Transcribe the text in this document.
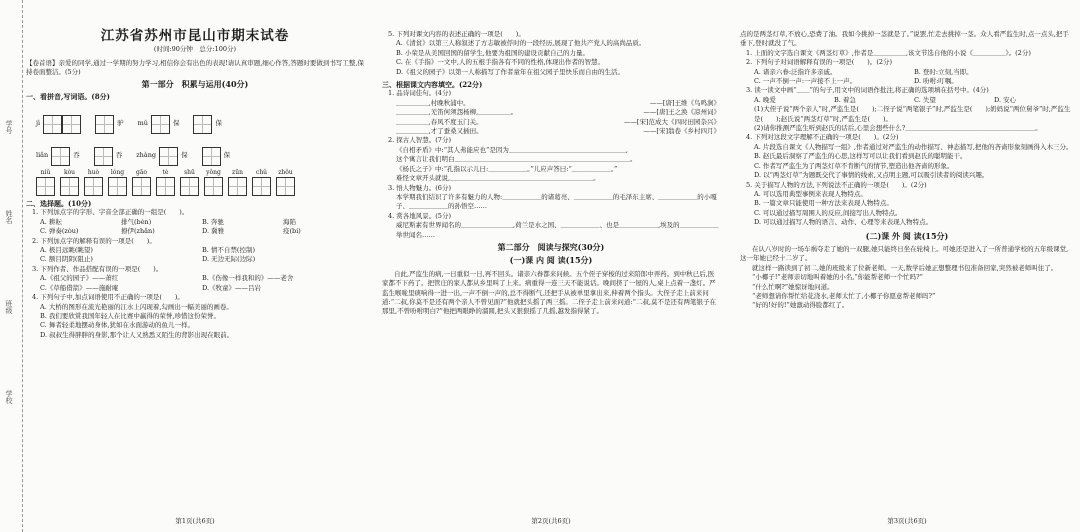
学号
姓名
班级
学校
江苏省苏州市昆山市期末试卷
(时间:90分钟　总分:100分)
【卷首语】亲爱的同学,通过一学期的努力学习,相信你会有出色的表现!请认真审题,细心作答,答题时要做到书写工整,保持卷面整洁。(5分)
第一部分　积累与运用(40分)
一、看拼音,写词语。(8分)
jì	驴 mǔ	保	保
liǎn	吞	吞 zhàng	保	保
niǔ kòu huò lóng gāo	tè	shū yǒng zūn chǔ zhǒu
二、选择题。(10分)
1. 下列加点字的字形、字音全部正确的一组是(　　)。
A. 耕耘	排气(bèn)	B. 奔驰	海陷
C. 弹奏(zòu)	撩伊(zhǎn)	D. 冀雅	疫(bi)
2. 下列加点字的解释有误的一项是(　　)。
A. 极目远眺(眺望)	B. 情不自禁(控制)
C. 额目阴阴(阻止)	D. 无边无际(边际)
3. 下列作者、作品搭配有误的一项是(　　)。
A.《祖父的园子》——萧红	B.《伤像一样我和的》——老舍
C.《草船借箭》——施耐庵	D.《牧童》——吕岩
4. 下列句子中,加点词语使用不正确的一项是(　　)。
A. 大桥的图形在流光艳丽的江水上闪现着,勾画出一幅美丽的画卷。
B. 我们要欣赏我国年轻人在比赛中赢得的荣誉,珍惜这份荣誉。
C. 舞者轻柔地摆动身体,犹如在水面游动的鱼儿一样。
D. 叔叔生得胖胖的身影,那个让人又熟悉又陌生的背影出现在眼前。
第1页(共6页)
5. 下列对课文内容的表述正确的一项是(　　)。
A.《清贫》以第三人称叙述了方志敏被俘时的一段经历,展现了他共产党人的高尚品质。
B. 小荣是从美国回国的留学生,他要为祖国的建设贡献自己的力量。
C. 在《手指》一文中,人的五根手指各有不同的性格,体现出作者的智慧。
D.《祖父的园子》以第一人称描写了作者童年在祖父园子里快乐而自由的生活。
三、根据课文内容填空。(22分)
1. 品诗词佳句。(4分)
＿＿＿＿＿,村晚秋浦中。	——[唐]王维《鸟鸣涧》
＿＿＿＿＿,羌笛何须怨杨柳,＿＿＿＿＿。	——[唐]王之涣《凉州词》
＿＿＿＿＿,春风不度玉门关。	——[宋]范成大《四时田园杂兴》
＿＿＿＿＿,才了蚕桑又插田。	——[宋]翁卷《乡村四月》
2. 探古人智慧。(7分)
《自相矛盾》中:“其人弗能应也”是因为＿＿＿＿＿＿＿＿＿＿＿＿＿＿＿＿＿＿,
这个寓言让我们明白＿＿＿＿＿＿＿＿＿＿＿＿＿＿＿＿＿＿＿＿＿＿＿＿＿＿＿。
《杨氏之子》中:“孔指以示儿曰:＿＿＿＿＿＿。”儿应声答曰:“＿＿＿＿＿＿。”
难怪文章开头就说,＿＿＿＿＿＿＿＿＿＿＿＿＿＿＿＿＿＿＿＿＿＿。
3. 悟人物魅力。(6分)
本学期我们结识了许多有魅力的人物:＿＿＿＿＿＿的诸葛亮、＿＿＿＿＿＿的毛泽东主席、＿＿＿＿＿＿的小嘎子、＿＿＿＿＿＿的孙悟空……
4. 赏各地风景。(5分)
威尼斯素有世界闻名的＿＿＿＿＿＿＿＿,荷兰是水之国、＿＿＿＿＿＿、也是＿＿＿＿＿＿,埃及的＿＿＿＿＿＿举世闻名……
第二部分　阅读与探究(30分)
(一)课 内 阅 读(15分)
自此,严监生的病,一日重似一日,再不回头。诸亲六眷都来问候。五个侄子穿梭的过来陪郎中弄药。到中秋已后,医家都不下药了。把管庄的家人都从乡里叫了上来。病重得一连三天不能说话。晚间挤了一屋的人,桌上点着一盏灯。严监生喉咙里痰响得一进一出,一声不倒一声的,总不得断气,还把手从被单里拿出来,伸着两个指头。大侄子走上前来问道:“二叔,你莫不是还有两个亲人不曾见面?”他就把头摇了两三摇。二侄子走上前来问道:“二叔,莫不是还有两笔银子在那里,不曾吩咐明白?”他把两眼睁的溜圆,把头又狠狠摇了几摇,越发指得紧了。
第2页(共6页)
点的是两茎灯草,不放心,恐费了油。我如今挑掉一茎就是了。”说罢,忙走去挑掉一茎。众人看严监生时,点一点头,把手垂下,登时就没了气。
1. 上面的文字选自课文《两茎灯草》,作者是＿＿＿＿＿,该文节选自他的小说《＿＿＿＿＿》。(2分)
2. 下列句子对词语解释有误的一项是(　　)。(2分)
A. 诸亲六眷:泛指许多亲戚。	B. 登时:立刻,当即。
C. 一声不倒一声:一声接不上一声。	D. 吩咐:叮嘱。
3. 读一读文中画“＿＿”的句子,用文中的词语作批注,将正确的选项填在括号中。(4分)
A. 晚爱	B. 着急	C. 失望	D. 安心
(1)大侄子说“两个亲人”时,严监生是(　　);二侄子说“两笔银子”时,严监生是(　　);奶妈说“两位舅爷”时,严监生是(　　);赵氏说“两茎灯草”时,严监生是(　　)。
(2)请你推测严监生听到赵氏的话后,心里会想些什么?＿＿＿＿＿＿＿＿＿＿＿＿＿＿＿＿＿＿＿＿。
4. 下列对这段文字理解不正确的一项是(　　)。(2分)
A. 片段选自课文《人物描写一组》,作者通过对严监生的动作描写、神态描写,把他的吝啬形象刻画得入木三分。
B. 赵氏最后洞察了严监生的心思,这样写可以让我们看到赵氏的聪明能干。
C. 作者写严监生为了两茎灯草不肯断气的情节,塑造出他吝啬的形象。
D. 以“两茎灯草”为题既交代了事情的线索,又点明主题,可以吸引读者的阅读兴趣。
5. 关于描写人物的方法,下列说法不正确的一项是(　　)。(2分)
A. 可以选用典型事例来表现人物特点。
B. 一篇文章只能使用一种方法来表现人物特点。
C. 可以通过描写周围人的反应,间接写出人物特点。
D. 可以通过描写人物的语言、动作、心理等来表现人物特点。
(二)课 外 阅 读(15分)
在认八岁时的一场车祸夺走了她的一双腿,她只能终日坐在轮椅上。可她还是进入了一所普通学校的五年级课堂,这一年她已经十二岁了。
就这样一路读到了初二,她的班级来了位新老师。一天,数学后她正想整理书包准备回家,突然被老师叫住了。
“小椰子!”老师亲切地叫着她的小名,“你能帮老师一个忙吗?”
“什么忙啊?”她惊讶地问道。
“老师想请你帮忙给花浇水,老师太忙了,小椰子你愿意帮老师吗?”
“好的!好的!”她激动得脸都红了。
第3页(共6页)
